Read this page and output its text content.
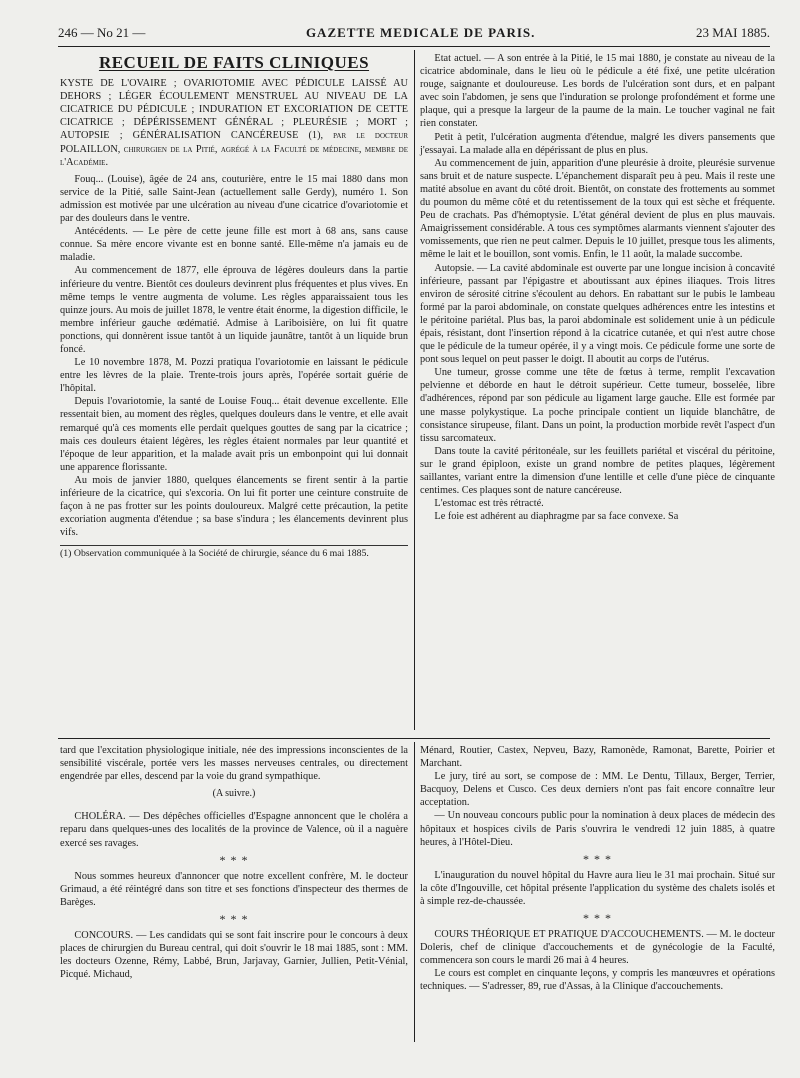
246 — No 21 —	GAZETTE MEDICALE DE PARIS.	23 MAI 1885.
RECUEIL DE FAITS CLINIQUES

KYSTE DE L'OVAIRE ; OVARIOTOMIE AVEC PÉDICULE LAISSÉ AU DEHORS ; LÉGER ÉCOULEMENT MENSTRUEL AU NIVEAU DE LA CICATRICE DU PÉDICULE ; INDURATION ET EXCORIATION DE CETTE CICATRICE ; DÉPÉRISSEMENT GÉNÉRAL ; PLEURÉSIE ; MORT ; AUTOPSIE ; GÉNÉRALISATION CANCÉREUSE (1), par le docteur POLAILLON, chirurgien de la Pitié, agrégé à la Faculté de médecine, membre de l'Académie.

Fouq... (Louise), âgée de 24 ans, couturière, entre le 15 mai 1880 dans mon service de la Pitié, salle Saint-Jean (actuellement salle Gerdy), numéro 1. Son admission est motivée par une ulcération au niveau d'une cicatrice d'ovariotomie et par des douleurs dans le ventre.

Antécédents. — Le père de cette jeune fille est mort à 68 ans, sans cause connue. Sa mère encore vivante est en bonne santé. Elle-même n'a jamais eu de maladie.

Au commencement de 1877, elle éprouva de légères douleurs dans la partie inférieure du ventre. Bientôt ces douleurs devinrent plus fréquentes et plus vives. En même temps le ventre augmenta de volume. Les règles apparaissaient tous les quinze jours. Au mois de juillet 1878, le ventre était énorme, la digestion difficile, le membre inférieur gauche œdématié. Admise à Lariboisière, on lui fit quatre ponctions, qui donnèrent issue tantôt à un liquide jaunâtre, tantôt à un liquide brun foncé.

Le 10 novembre 1878, M. Pozzi pratiqua l'ovariotomie en laissant le pédicule entre les lèvres de la plaie. Trente-trois jours après, l'opérée sortait guérie de l'hôpital.

Depuis l'ovariotomie, la santé de Louise Fouq... était devenue excellente. Elle ressentait bien, au moment des règles, quelques douleurs dans le ventre, et elle avait remarqué qu'à ces moments elle perdait quelques gouttes de sang par la cicatrice ; mais ces douleurs étaient légères, les règles étaient normales par leur quantité et l'époque de leur apparition, et la malade avait pris un embonpoint qui lui donnait une apparence florissante.

Au mois de janvier 1880, quelques élancements se firent sentir à la partie inférieure de la cicatrice, qui s'excoria. On lui fit porter une ceinture construite de façon à ne pas frotter sur les points douloureux. Malgré cette précaution, la petite excoriation augmenta d'étendue ; sa base s'indura ; les élancements devinrent plus vifs.

(1) Observation communiquée à la Société de chirurgie, séance du 6 mai 1885.

Etat actuel. — A son entrée à la Pitié, le 15 mai 1880, je constate au niveau de la cicatrice abdominale, dans le lieu où le pédicule a été fixé, une petite ulcération rouge, saignante et douloureuse. Les bords de l'ulcération sont durs, et en palpant avec soin l'abdomen, je sens que l'induration se prolonge profondément et forme une plaque, qui a presque la largeur de la paume de la main. Le toucher vaginal ne fait rien constater.

Petit à petit, l'ulcération augmenta d'étendue, malgré les divers pansements que j'essayai. La malade alla en dépérissant de plus en plus.

Au commencement de juin, apparition d'une pleurésie à droite, pleurésie survenue sans bruit et de nature suspecte. L'épanchement disparaît peu à peu. Mais il reste une matité absolue en avant du côté droit. Bientôt, on constate des frottements au sommet du poumon du même côté et du retentissement de la toux qui est sèche et fréquente. Peu de crachats. Pas d'hémoptysie. L'état général devient de plus en plus mauvais. Amaigrissement considérable. A tous ces symptômes alarmants viennent s'ajouter des vomissements, que rien ne peut calmer. Depuis le 10 juillet, presque tous les aliments, même le lait et le bouillon, sont vomis. Enfin, le 11 août, la malade succombe.

Autopsie. — La cavité abdominale est ouverte par une longue incision à concavité inférieure, passant par l'épigastre et aboutissant aux épines iliaques. Trois litres environ de sérosité citrine s'écoulent au dehors. En rabattant sur le pubis le lambeau formé par la paroi abdominale, on constate quelques adhérences entre les intestins et le péritoine pariétal. Plus bas, la paroi abdominale est solidement unie à un pédicule épais, résistant, dont l'insertion répond à la cicatrice cutanée, et qui n'est autre chose que le pédicule de la tumeur opérée, il y a vingt mois. Ce pédicule forme une sorte de pont sous lequel on peut passer le doigt. Il aboutit au corps de l'utérus.

Une tumeur, grosse comme une tête de fœtus à terme, remplit l'excavation pelvienne et déborde en haut le détroit supérieur. Cette tumeur, bosselée, libre d'adhérences, répond par son pédicule au ligament large gauche. Elle est formée par une masse polykystique. La poche principale contient un liquide blanchâtre, de consistance sirupeuse, filant. Dans un point, la production morbide revêt l'aspect d'un tissu sarcomateux.

Dans toute la cavité péritonéale, sur les feuillets pariétal et viscéral du péritoine, sur le grand épiploon, existe un grand nombre de petites plaques, légèrement saillantes, variant entre la dimension d'une lentille et celle d'une pièce de cinquante centimes. Ces plaques sont de nature cancéreuse.

L'estomac est très rétracté.

Le foie est adhérent au diaphragme par sa face convexe. Sa

tard que l'excitation physiologique initiale, née des impressions inconscientes de la sensibilité viscérale, portée vers les masses nerveuses centrales, ou directement engendrée par elles, descend par la voie du grand sympathique.

(A suivre.)

CHOLÉRA. — Des dépêches officielles d'Espagne annoncent que le choléra a reparu dans quelques-unes des localités de la province de Valence, où il a naguère exercé ses ravages.

* * *

Nous sommes heureux d'annoncer que notre excellent confrère, M. le docteur Grimaud, a été réintégré dans son titre et ses fonctions d'inspecteur des thermes de Barèges.

* * *

CONCOURS. — Les candidats qui se sont fait inscrire pour le concours à deux places de chirurgien du Bureau central, qui doit s'ouvrir le 18 mai 1885, sont : MM. les docteurs Ozenne, Rémy, Labbé, Brun, Jarjavay, Garnier, Jullien, Petit-Vénial, Picqué. Michaud,

Ménard, Routier, Castex, Nepveu, Bazy, Ramonède, Ramonat, Barette, Poirier et Marchant.

Le jury, tiré au sort, se compose de : MM. Le Dentu, Tillaux, Berger, Terrier, Bacquoy, Delens et Cusco. Ces deux derniers n'ont pas fait encore connaître leur acceptation.

— Un nouveau concours public pour la nomination à deux places de médecin des hôpitaux et hospices civils de Paris s'ouvrira le vendredi 12 juin 1885, à quatre heures, à l'Hôtel-Dieu.

* * *

L'inauguration du nouvel hôpital du Havre aura lieu le 31 mai prochain. Situé sur la côte d'Ingouville, cet hôpital présente l'application du système des chalets isolés et à simple rez-de-chaussée.

* * *

COURS THÉORIQUE ET PRATIQUE D'ACCOUCHEMENTS. — M. le docteur Doleris, chef de clinique d'accouchements et de gynécologie de la Faculté, commencera son cours le mardi 26 mai à 4 heures.

Le cours est complet en cinquante leçons, y compris les manœuvres et opérations techniques. — S'adresser, 89, rue d'Assas, à la Clinique d'accouchements.
